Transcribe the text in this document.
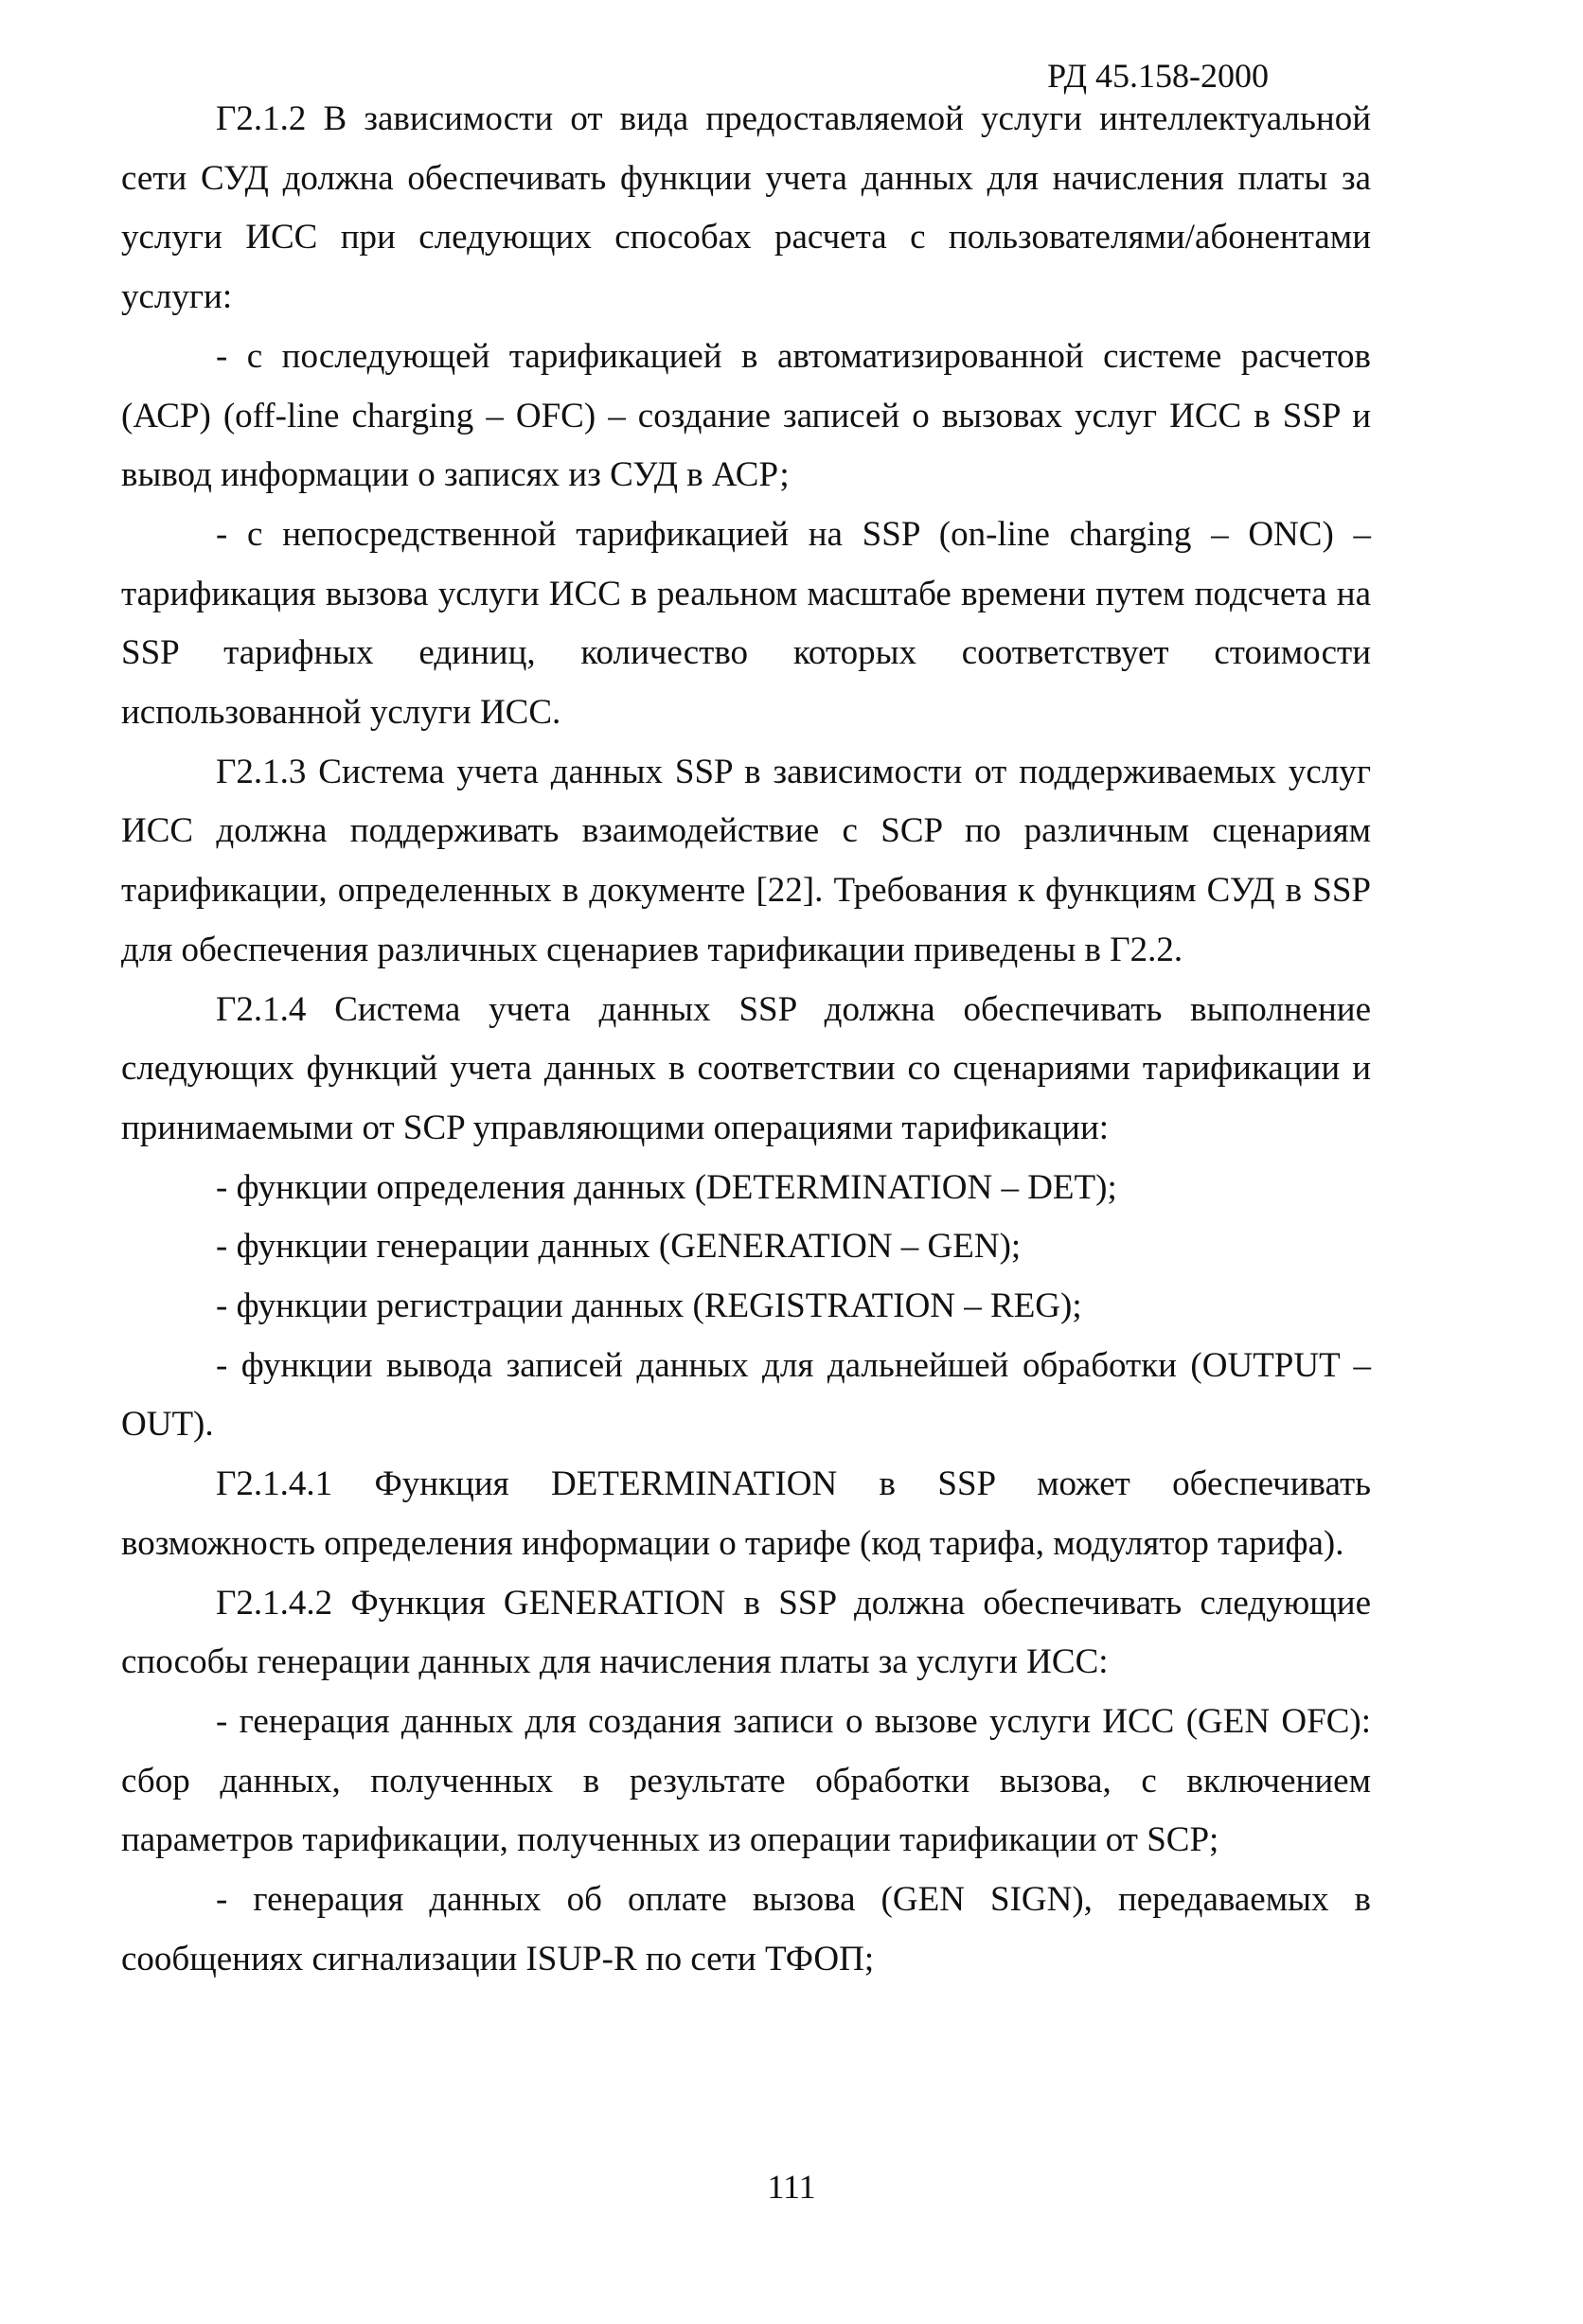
РД 45.158-2000

Г2.1.2 В зависимости от вида предоставляемой услуги интеллектуальной сети СУД должна обеспечивать функции учета данных для начисления платы за услуги ИСС при следующих способах расчета с пользователями/абонентами услуги:

- с последующей тарификацией в автоматизированной системе расчетов (АСР) (off-line charging – OFC) – создание записей о вызовах услуг ИСС в SSP и вывод информации о записях из СУД в АСР;

- с непосредственной тарификацией на SSP (on-line charging – ONC) – тарификация вызова услуги ИСС в реальном масштабе времени путем подсчета на SSP тарифных единиц, количество которых соответствует стоимости использованной услуги ИСС.

Г2.1.3 Система учета данных SSP в зависимости от поддерживаемых услуг ИСС должна поддерживать взаимодействие с SCP по различным сценариям тарификации, определенных в документе [22]. Требования к функциям СУД в SSP для обеспечения различных сценариев тарификации приведены в Г2.2.

Г2.1.4 Система учета данных SSP должна обеспечивать выполнение следующих функций учета данных в соответствии со сценариями тарификации и принимаемыми от SCP управляющими операциями тарификации:

- функции определения данных (DETERMINATION – DET);

- функции генерации данных (GENERATION – GEN);

- функции регистрации данных (REGISTRATION – REG);

- функции вывода записей данных для дальнейшей обработки (OUTPUT – OUT).

Г2.1.4.1 Функция DETERMINATION в SSP может обеспечивать возможность определения информации о тарифе (код тарифа, модулятор тарифа).

Г2.1.4.2 Функция GENERATION в SSP должна обеспечивать следующие способы генерации данных для начисления платы за услуги ИСС:

- генерация данных для создания записи о вызове услуги ИСС (GEN OFC): сбор данных, полученных в результате обработки вызова, с включением параметров тарификации, полученных из операции тарификации от SCP;

- генерация данных об оплате вызова (GEN SIGN), передаваемых в сообщениях сигнализации ISUP-R по сети ТФОП;

111
